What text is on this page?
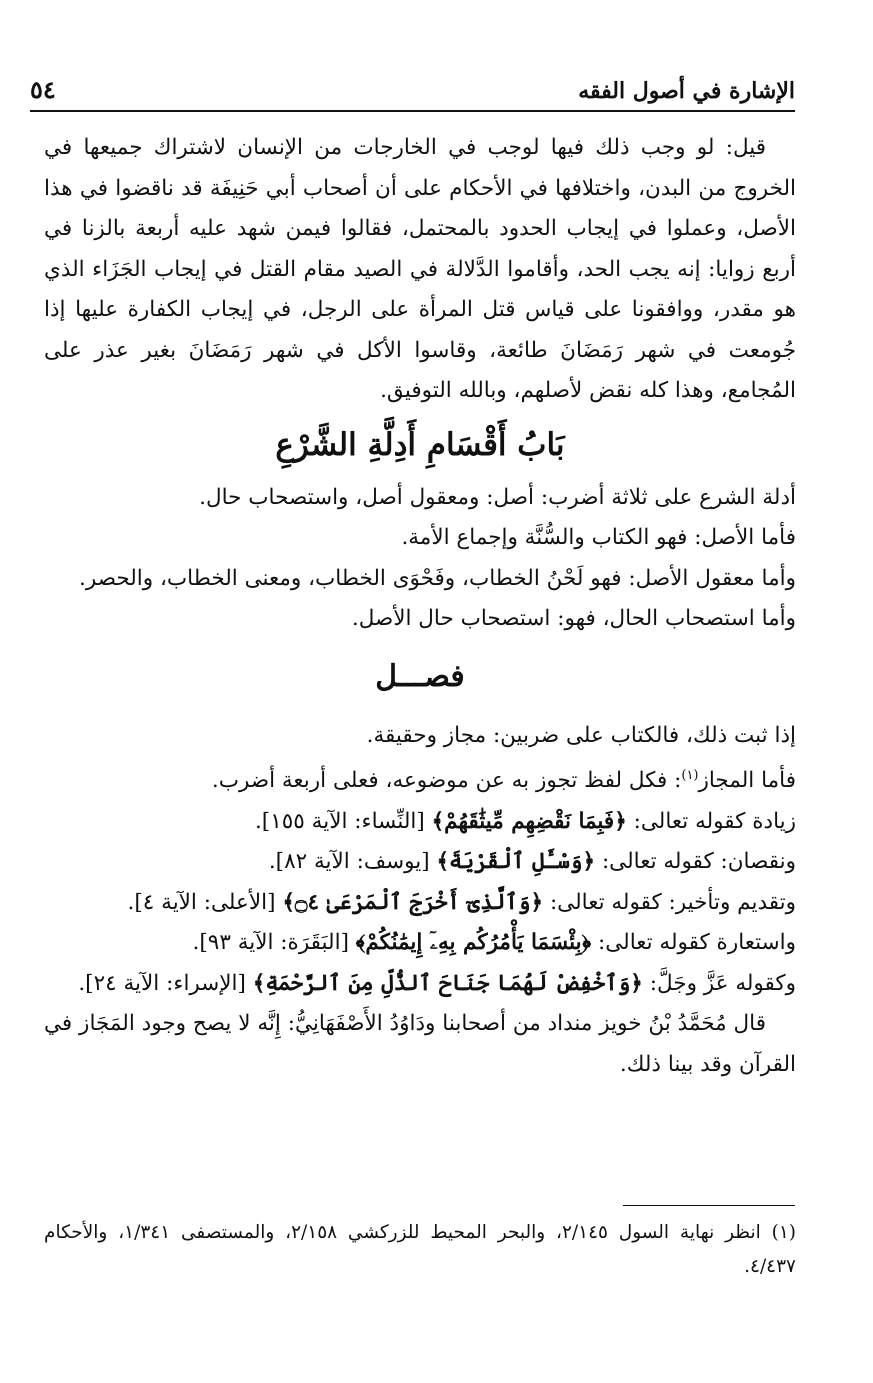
الإشارة في أصول الفقه
٥٤

قيل: لو وجب ذلك فيها لوجب في الخارجات من الإنسان لاشتراك جميعها في الخروج من البدن، واختلافها في الأحكام على أن أصحاب أبي حَنِيفَة قد ناقضوا في هذا الأصل، وعملوا في إيجاب الحدود بالمحتمل، فقالوا فيمن شهد عليه أربعة بالزنا في أربع زوايا: إنه يجب الحد، وأقاموا الدَّلالة في الصيد مقام القتل في إيجاب الجَزَاء الذي هو مقدر، ووافقونا على قياس قتل المرأة على الرجل، في إيجاب الكفارة عليها إذا جُومعت في شهر رَمَضَانَ طائعة، وقاسوا الأكل في شهر رَمَضَانَ بغير عذر على المُجامع، وهذا كله نقض لأصلهم، وبالله التوفيق.

بَابُ أَقْسَامِ أَدِلَّةِ الشَّرْعِ

أدلة الشرع على ثلاثة أضرب: أصل: ومعقول أصل، واستصحاب حال.

فأما الأصل: فهو الكتاب والسُّنَّة وإجماع الأمة.

وأما معقول الأصل: فهو لَحْنُ الخطاب، وفَحْوَى الخطاب، ومعنى الخطاب، والحصر.

وأما استصحاب الحال، فهو: استصحاب حال الأصل.

فصـــل

إذا ثبت ذلك، فالكتاب على ضربين: مجاز وحقيقة.

فأما المجاز$^{(١)}$: فكل لفظ تجوز به عن موضوعه، فعلى أربعة أضرب.

زيادة كقوله تعالى: ﴿فَبِمَا نَقْضِهِم مِّيثَٰقَهُمْ﴾ [النِّساء: الآية ١٥٥].

ونقصان: كقوله تعالى: ﴿وَسْـَٔلِ ٱلْقَرْيَةَ﴾ [يوسف: الآية ٨٢].

وتقديم وتأخير: كقوله تعالى: ﴿وَٱلَّذِىٓ أَخْرَجَ ٱلْمَرْعَىٰ ۝٤﴾ [الأعلى: الآية ٤].

واستعارة كقوله تعالى: ﴿بِئْسَمَا يَأْمُرُكُم بِهِۦٓ إِيمَٰنُكُمْ﴾ [البَقَرَة: الآية ٩٣].

وكقوله عَزَّ وجَلَّ: ﴿وَٱخْفِضْ لَهُمَا جَنَاحَ ٱلذُّلِّ مِنَ ٱلرَّحْمَةِ﴾ [الإسراء: الآية ٢٤].

قال مُحَمَّدُ بْنُ خويز منداد من أصحابنا ودَاوُدُ الأَصْفَهَانِيُّ: إِنَّه لا يصح وجود المَجَاز في القرآن وقد بينا ذلك.

(١) انظر نهاية السول ٢/١٤٥، والبحر المحيط للزركشي ٢/١٥٨، والمستصفى ١/٣٤١، والأحكام ٤/٤٣٧.
